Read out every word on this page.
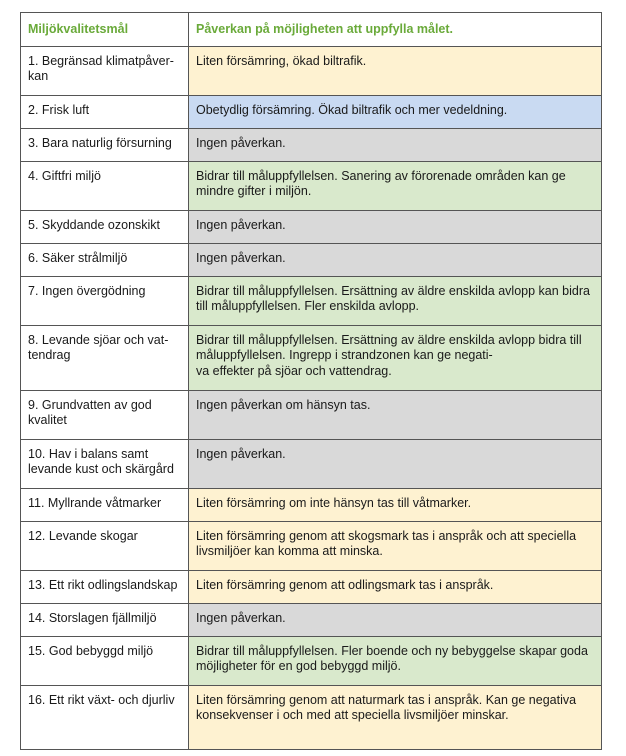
Miljökvalitetsmål	Påverkan på möjligheten att uppfylla målet.
1. Begränsad klimatpåver-
kan	Liten försämring, ökad biltrafik.
2. Frisk luft	Obetydlig försämring. Ökad biltrafik och mer vedeldning.
3. Bara naturlig försurning	Ingen påverkan.
4. Giftfri miljö	Bidrar till måluppfyllelsen. Sanering av förorenade områden kan ge mindre gifter i miljön.
5. Skyddande ozonskikt	Ingen påverkan.
6. Säker strålmiljö	Ingen påverkan.
7. Ingen övergödning	Bidrar till måluppfyllelsen. Ersättning av äldre enskilda avlopp kan bidra till måluppfyllelsen. Fler enskilda avlopp.
8. Levande sjöar och vat-
tendrag	Bidrar till måluppfyllelsen. Ersättning av äldre enskilda avlopp bidra till måluppfyllelsen. Ingrepp i strandzonen kan ge negati-
va effekter på sjöar och vattendrag.
9. Grundvatten av god
kvalitet	Ingen påverkan om hänsyn tas.
10. Hav i balans samt
levande kust och skärgård	Ingen påverkan.
11. Myllrande våtmarker	Liten försämring om inte hänsyn tas till våtmarker.
12. Levande skogar	Liten försämring genom att skogsmark tas i anspråk och att speciella livsmiljöer kan komma att minska.
13. Ett rikt odlingslandskap	Liten försämring genom att odlingsmark tas i anspråk.
14. Storslagen fjällmiljö	Ingen påverkan.
15. God bebyggd miljö	Bidrar till måluppfyllelsen. Fler boende och ny bebyggelse skapar goda möjligheter för en god bebyggd miljö.
16. Ett rikt växt- och djurliv	Liten försämring genom att naturmark tas i anspråk. Kan ge negativa konsekvenser i och med att speciella livsmiljöer minskar.
